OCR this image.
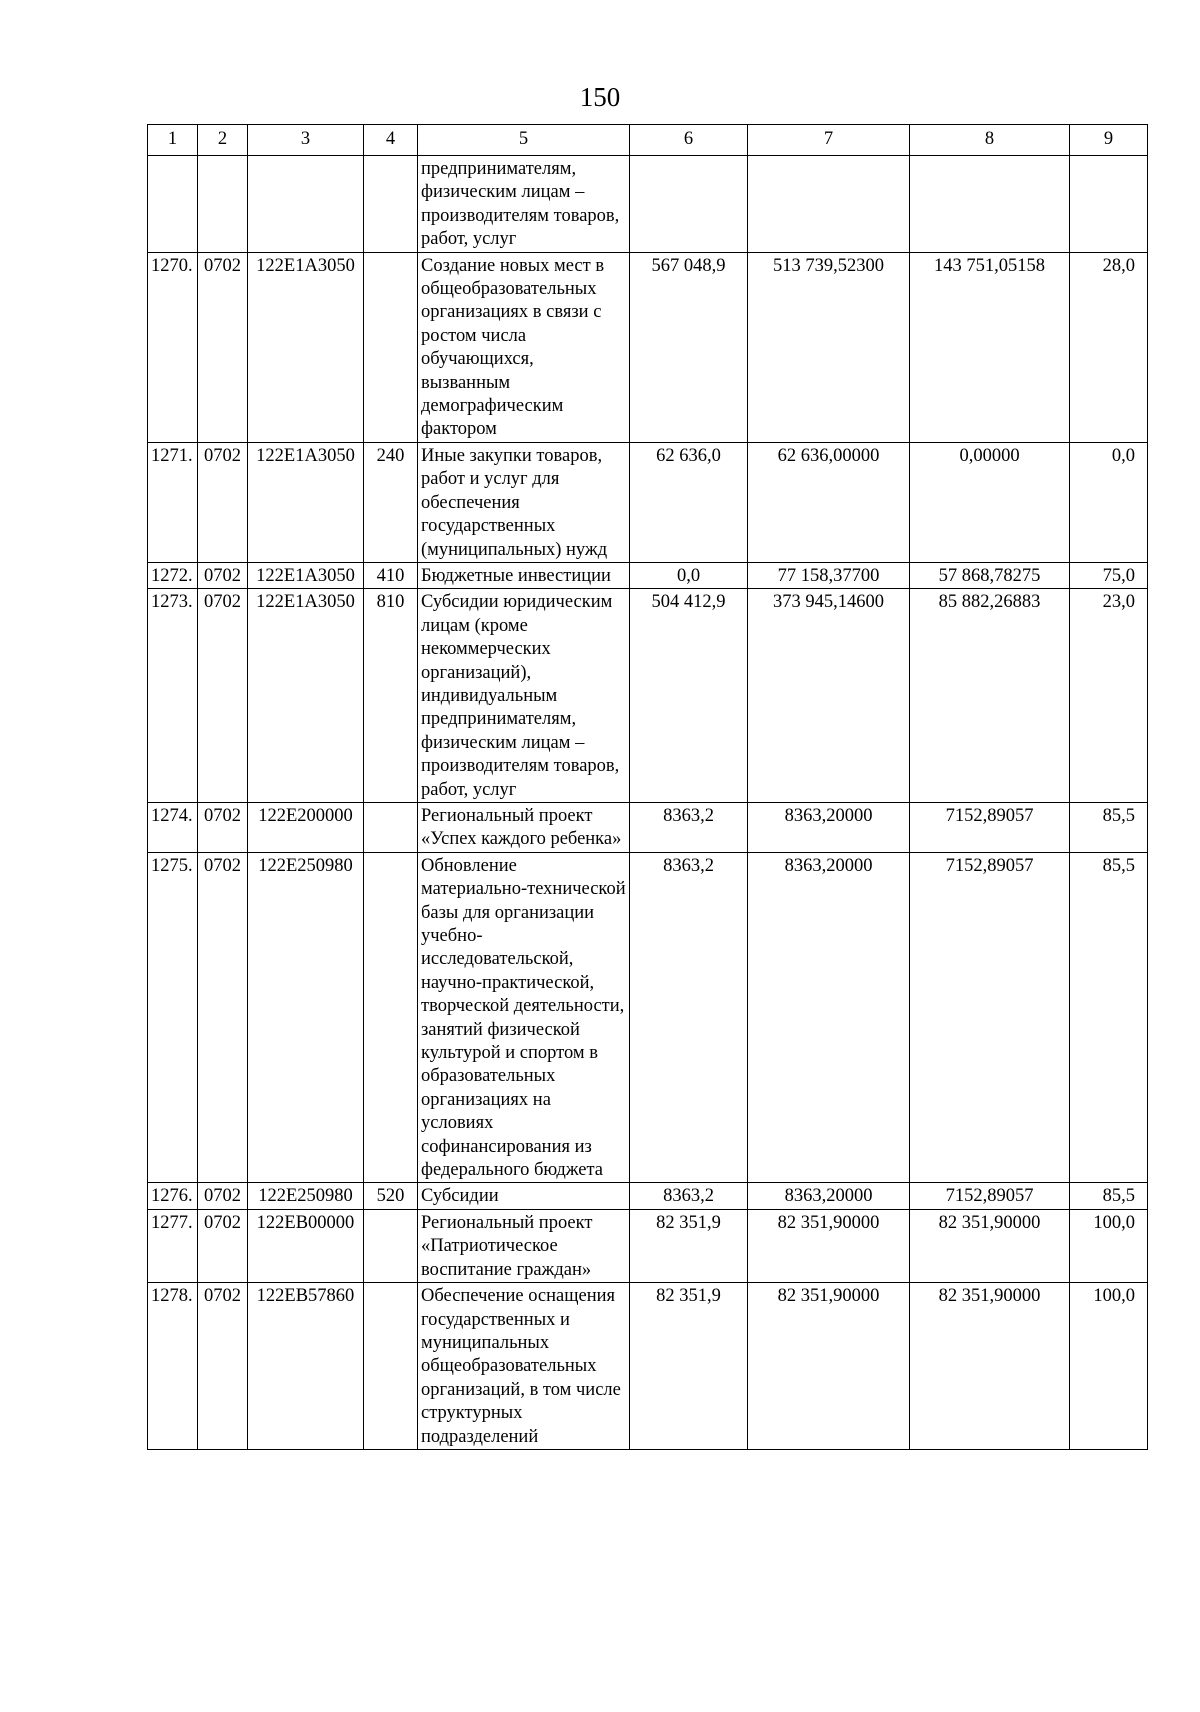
150
1	2	3	4	5	6	7	8	9
				предпринимателям, физическим лицам – производителям товаров, работ, услуг				
1270.	0702	122E1A3050		Создание новых мест в общеобразовательных организациях в связи с ростом числа обучающихся, вызванным демографическим фактором	567 048,9	513 739,52300	143 751,05158	28,0
1271.	0702	122E1A3050	240	Иные закупки товаров, работ и услуг для обеспечения государственных (муниципальных) нужд	62 636,0	62 636,00000	0,00000	0,0
1272.	0702	122E1A3050	410	Бюджетные инвестиции	0,0	77 158,37700	57 868,78275	75,0
1273.	0702	122E1A3050	810	Субсидии юридическим лицам (кроме некоммерческих организаций), индивидуальным предпринимателям, физическим лицам – производителям товаров, работ, услуг	504 412,9	373 945,14600	85 882,26883	23,0
1274.	0702	122E200000		Региональный проект «Успех каждого ребенка»	8363,2	8363,20000	7152,89057	85,5
1275.	0702	122E250980		Обновление материально-технической базы для организации учебно-исследовательской, научно-практической, творческой деятельности, занятий физической культурой и спортом в образовательных организациях на условиях софинансирования из федерального бюджета	8363,2	8363,20000	7152,89057	85,5
1276.	0702	122E250980	520	Субсидии	8363,2	8363,20000	7152,89057	85,5
1277.	0702	122EB00000		Региональный проект «Патриотическое воспитание граждан»	82 351,9	82 351,90000	82 351,90000	100,0
1278.	0702	122EB57860		Обеспечение оснащения государственных и муниципальных общеобразовательных организаций, в том числе структурных подразделений	82 351,9	82 351,90000	82 351,90000	100,0
